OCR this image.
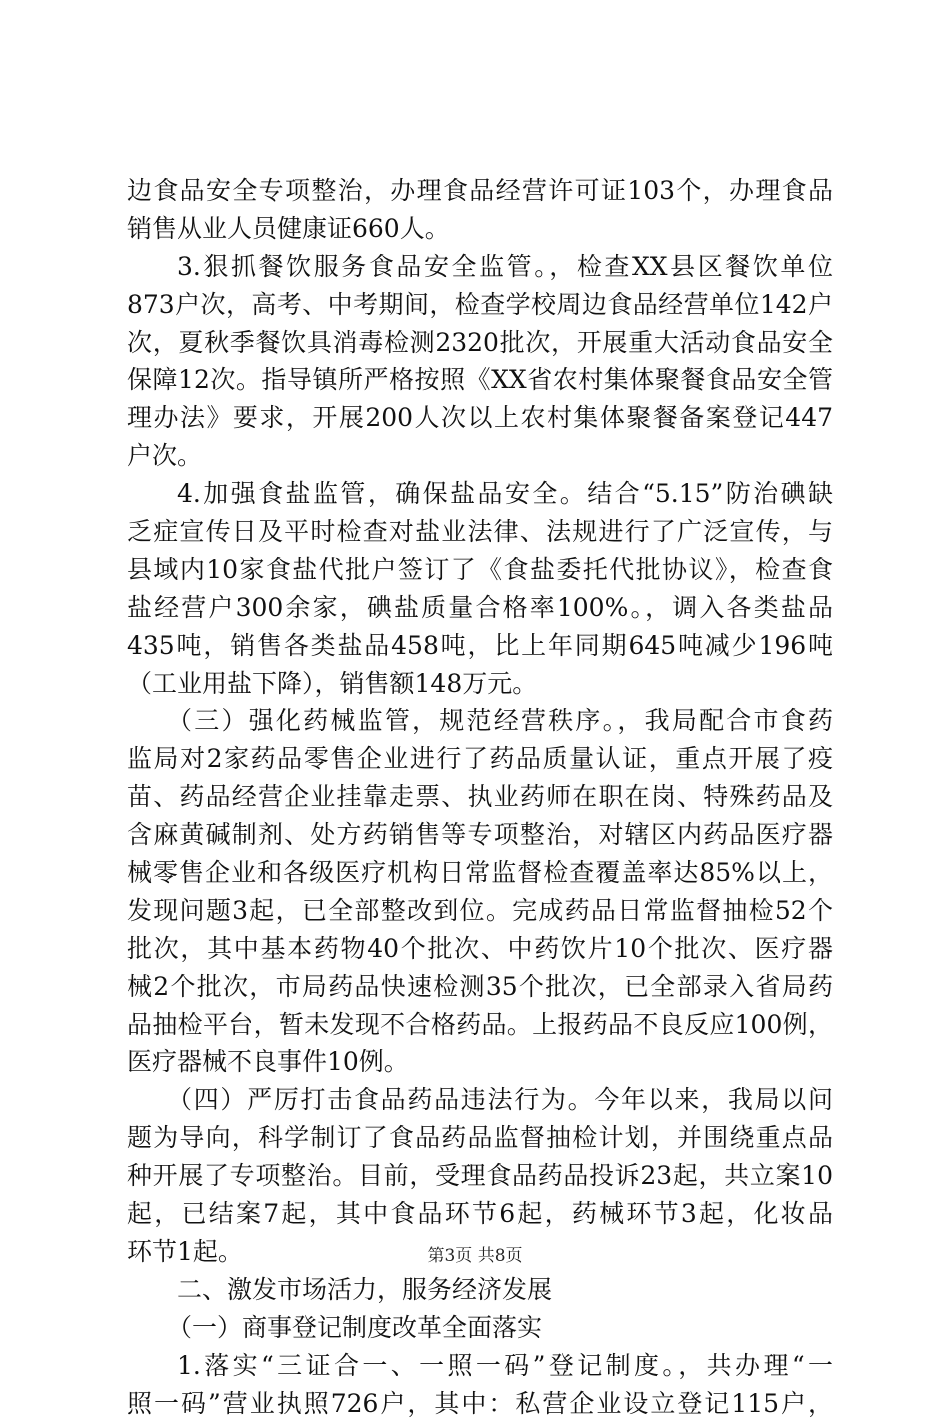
边食品安全专项整治，办理食品经营许可证103个，办理食品
销售从业人员健康证660人。
3.狠抓餐饮服务食品安全监管。，检查XX县区餐饮单位
873户次，高考、中考期间，检查学校周边食品经营单位142户
次，夏秋季餐饮具消毒检测2320批次，开展重大活动食品安全
保障12次。指导镇所严格按照《XX省农村集体聚餐食品安全管
理办法》要求，开展200人次以上农村集体聚餐备案登记447
户次。
4.加强食盐监管，确保盐品安全。结合“5.15”防治碘缺
乏症宣传日及平时检查对盐业法律、法规进行了广泛宣传，与
县域内10家食盐代批户签订了《食盐委托代批协议》，检查食
盐经营户300余家，碘盐质量合格率100%。，调入各类盐品
435吨，销售各类盐品458吨，比上年同期645吨减少196吨
（工业用盐下降），销售额148万元。
（三）强化药械监管，规范经营秩序。，我局配合市食药
监局对2家药品零售企业进行了药品质量认证，重点开展了疫
苗、药品经营企业挂靠走票、执业药师在职在岗、特殊药品及
含麻黄碱制剂、处方药销售等专项整治，对辖区内药品医疗器
械零售企业和各级医疗机构日常监督检查覆盖率达85%以上，
发现问题3起，已全部整改到位。完成药品日常监督抽检52个
批次，其中基本药物40个批次、中药饮片10个批次、医疗器
械2个批次，市局药品快速检测35个批次，已全部录入省局药
品抽检平台，暂未发现不合格药品。上报药品不良反应100例，
医疗器械不良事件10例。
（四）严厉打击食品药品违法行为。今年以来，我局以问
题为导向，科学制订了食品药品监督抽检计划，并围绕重点品
种开展了专项整治。目前，受理食品药品投诉23起，共立案10
起，已结案7起，其中食品环节6起，药械环节3起，化妆品
环节1起。
二、激发市场活力，服务经济发展
（一）商事登记制度改革全面落实
1.落实“三证合一、一照一码”登记制度。，共办理“一
照一码”营业执照726户，其中：私营企业设立登记115户，
第3页 共8页
